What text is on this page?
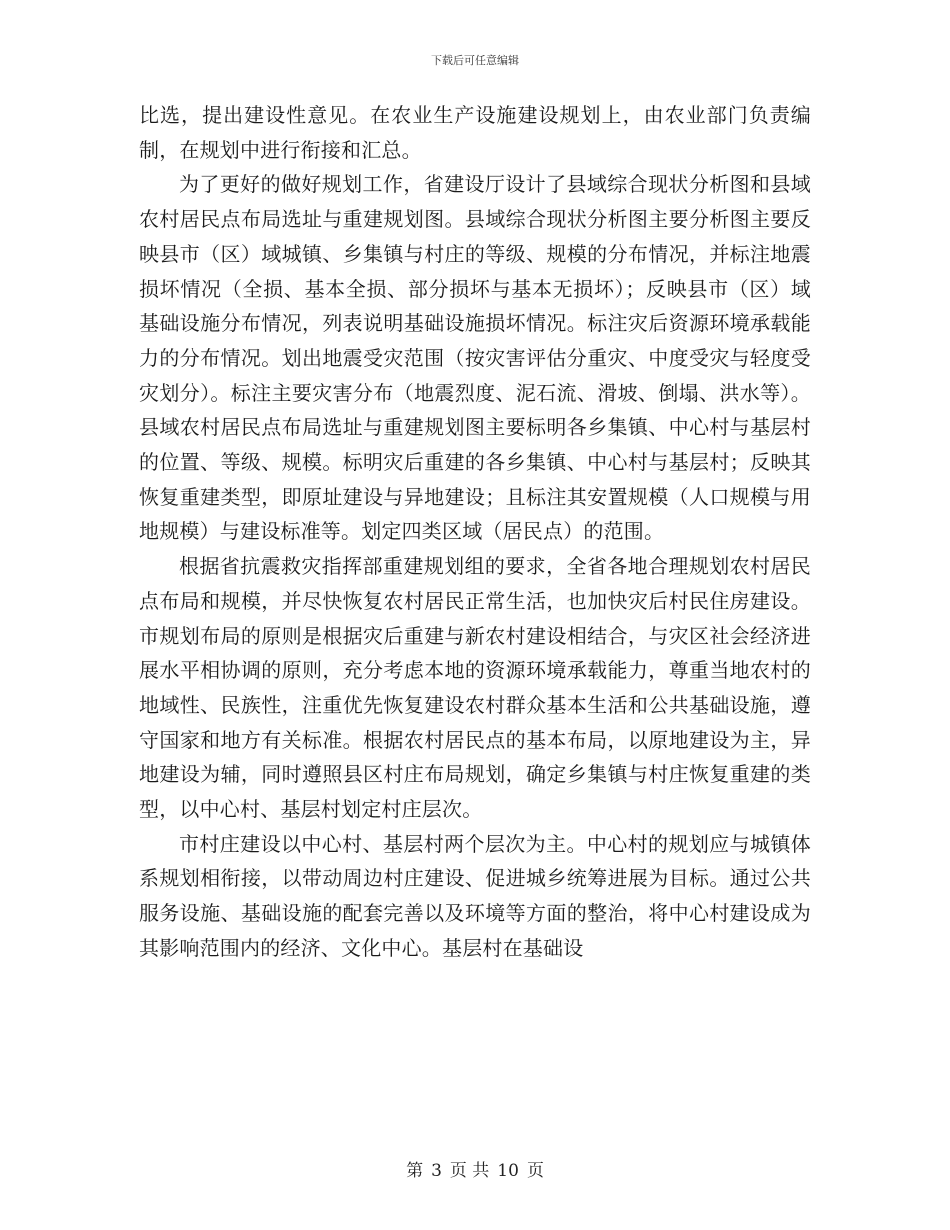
下载后可任意编辑

比选，提出建设性意见。在农业生产设施建设规划上，由农业部门负责编制，在规划中进行衔接和汇总。

为了更好的做好规划工作，省建设厅设计了县域综合现状分析图和县域农村居民点布局选址与重建规划图。县域综合现状分析图主要分析图主要反映县市（区）域城镇、乡集镇与村庄的等级、规模的分布情况，并标注地震损坏情况（全损、基本全损、部分损坏与基本无损坏）；反映县市（区）域基础设施分布情况，列表说明基础设施损坏情况。标注灾后资源环境承载能力的分布情况。划出地震受灾范围（按灾害评估分重灾、中度受灾与轻度受灾划分）。标注主要灾害分布（地震烈度、泥石流、滑坡、倒塌、洪水等）。县域农村居民点布局选址与重建规划图主要标明各乡集镇、中心村与基层村的位置、等级、规模。标明灾后重建的各乡集镇、中心村与基层村；反映其恢复重建类型，即原址建设与异地建设；且标注其安置规模（人口规模与用地规模）与建设标准等。划定四类区域（居民点）的范围。

根据省抗震救灾指挥部重建规划组的要求，全省各地合理规划农村居民点布局和规模，并尽快恢复农村居民正常生活，也加快灾后村民住房建设。市规划布局的原则是根据灾后重建与新农村建设相结合，与灾区社会经济进展水平相协调的原则，充分考虑本地的资源环境承载能力，尊重当地农村的地域性、民族性，注重优先恢复建设农村群众基本生活和公共基础设施，遵守国家和地方有关标准。根据农村居民点的基本布局，以原地建设为主，异地建设为辅，同时遵照县区村庄布局规划，确定乡集镇与村庄恢复重建的类型，以中心村、基层村划定村庄层次。

市村庄建设以中心村、基层村两个层次为主。中心村的规划应与城镇体系规划相衔接，以带动周边村庄建设、促进城乡统筹进展为目标。通过公共服务设施、基础设施的配套完善以及环境等方面的整治，将中心村建设成为其影响范围内的经济、文化中心。基层村在基础设

第 3 页 共 10 页
